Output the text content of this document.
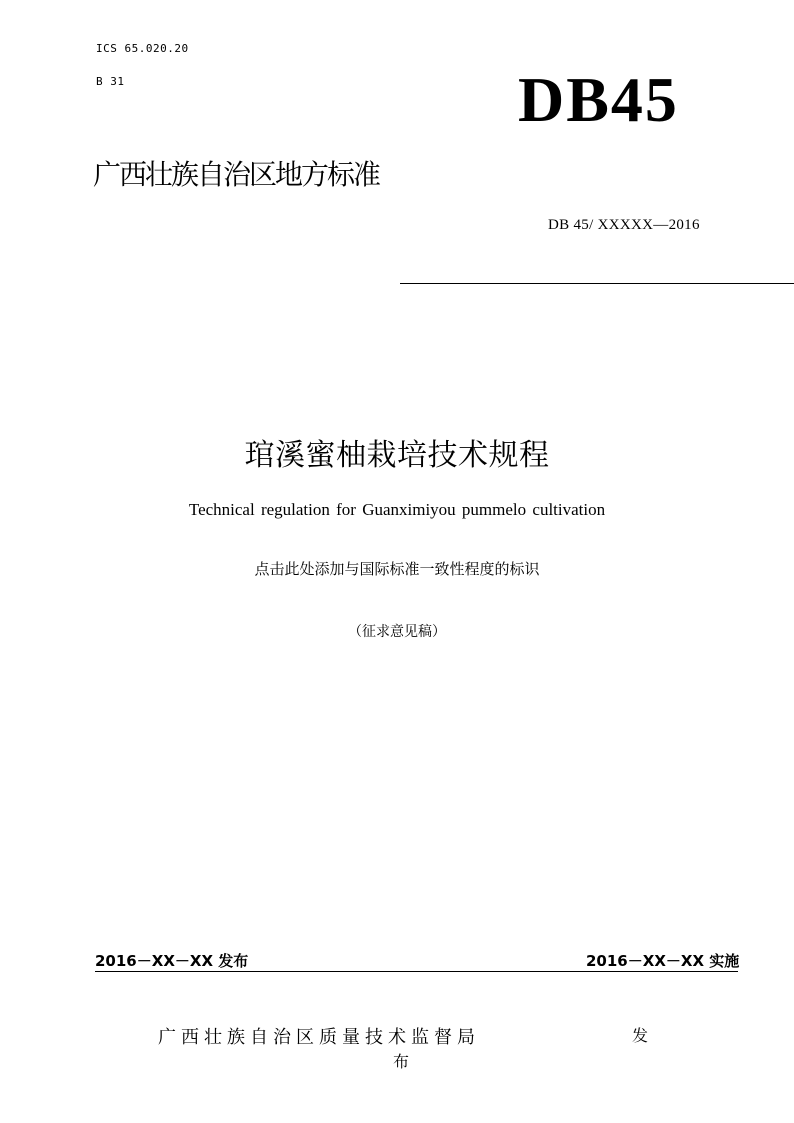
ICS 65.020.20
B 31	DB45
广西壮族自治区地方标准
DB 45/ XXXXX—2016
琯溪蜜柚栽培技术规程
Technical regulation for Guanximiyou pummelo cultivation
点击此处添加与国际标准一致性程度的标识
（征求意见稿）
2016－XX－XX 发布	2016－XX－XX 实施
广西壮族自治区质量技术监督局	发
布
